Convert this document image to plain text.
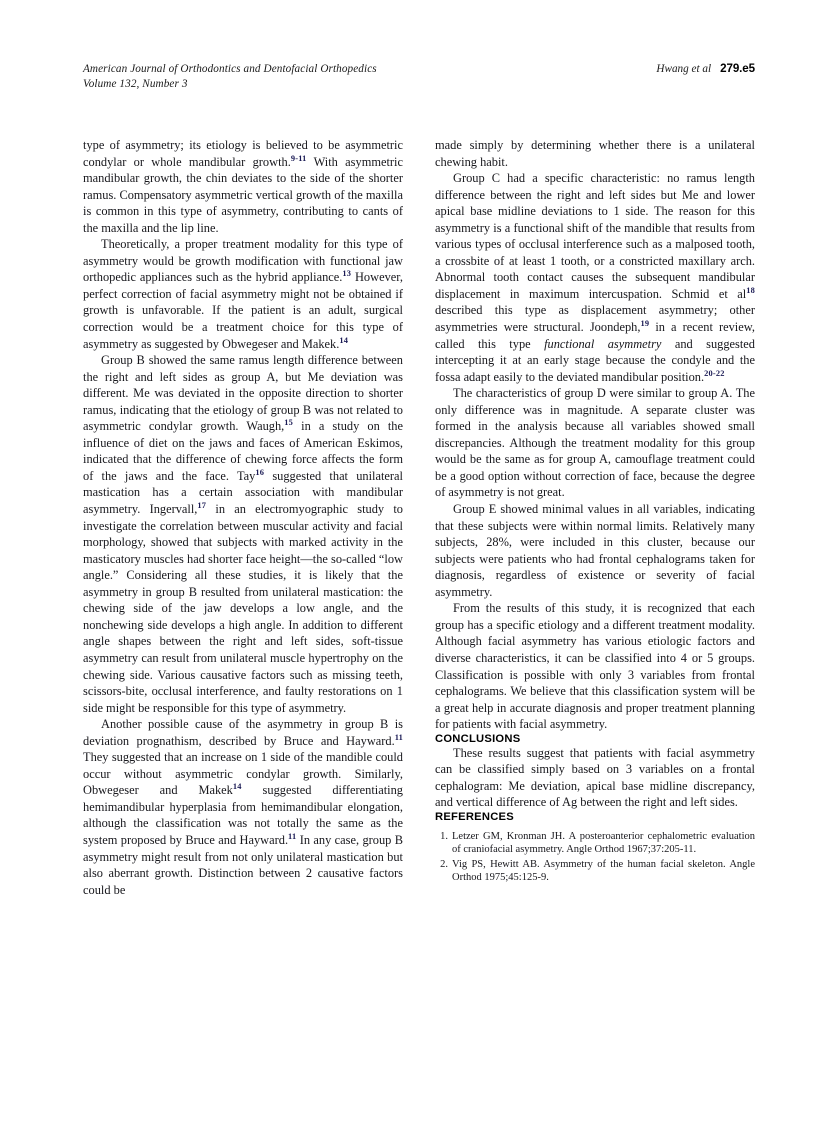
American Journal of Orthodontics and Dentofacial Orthopedics
Volume 132, Number 3
Hwang et al 279.e5

type of asymmetry; its etiology is believed to be asymmetric condylar or whole mandibular growth.$^{9-11}$ With asymmetric mandibular growth, the chin deviates to the side of the shorter ramus. Compensatory asymmetric vertical growth of the maxilla is common in this type of asymmetry, contributing to cants of the maxilla and the lip line.

Theoretically, a proper treatment modality for this type of asymmetry would be growth modification with functional jaw orthopedic appliances such as the hybrid appliance.$^{13}$ However, perfect correction of facial asymmetry might not be obtained if growth is unfavorable. If the patient is an adult, surgical correction would be a treatment choice for this type of asymmetry as suggested by Obwegeser and Makek.$^{14}$

Group B showed the same ramus length difference between the right and left sides as group A, but Me deviation was different. Me was deviated in the opposite direction to shorter ramus, indicating that the etiology of group B was not related to asymmetric condylar growth. Waugh,$^{15}$ in a study on the influence of diet on the jaws and faces of American Eskimos, indicated that the difference of chewing force affects the form of the jaws and the face. Tay$^{16}$ suggested that unilateral mastication has a certain association with mandibular asymmetry. Ingervall,$^{17}$ in an electromyographic study to investigate the correlation between muscular activity and facial morphology, showed that subjects with marked activity in the masticatory muscles had shorter face height—the so-called “low angle.” Considering all these studies, it is likely that the asymmetry in group B resulted from unilateral mastication: the chewing side of the jaw develops a low angle, and the nonchewing side develops a high angle. In addition to different angle shapes between the right and left sides, soft-tissue asymmetry can result from unilateral muscle hypertrophy on the chewing side. Various causative factors such as missing teeth, scissors-bite, occlusal interference, and faulty restorations on 1 side might be responsible for this type of asymmetry.

Another possible cause of the asymmetry in group B is deviation prognathism, described by Bruce and Hayward.$^{11}$ They suggested that an increase on 1 side of the mandible could occur without asymmetric condylar growth. Similarly, Obwegeser and Makek$^{14}$ suggested differentiating hemimandibular hyperplasia from hemimandibular elongation, although the classification was not totally the same as the system proposed by Bruce and Hayward.$^{11}$ In any case, group B asymmetry might result from not only unilateral mastication but also aberrant growth. Distinction between 2 causative factors could be

made simply by determining whether there is a unilateral chewing habit.

Group C had a specific characteristic: no ramus length difference between the right and left sides but Me and lower apical base midline deviations to 1 side. The reason for this asymmetry is a functional shift of the mandible that results from various types of occlusal interference such as a malposed tooth, a crossbite of at least 1 tooth, or a constricted maxillary arch. Abnormal tooth contact causes the subsequent mandibular displacement in maximum intercuspation. Schmid et al$^{18}$ described this type as displacement asymmetry; other asymmetries were structural. Joondeph,$^{19}$ in a recent review, called this type functional asymmetry and suggested intercepting it at an early stage because the condyle and the fossa adapt easily to the deviated mandibular position.$^{20-22}$

The characteristics of group D were similar to group A. The only difference was in magnitude. A separate cluster was formed in the analysis because all variables showed small discrepancies. Although the treatment modality for this group would be the same as for group A, camouflage treatment could be a good option without correction of face, because the degree of asymmetry is not great.

Group E showed minimal values in all variables, indicating that these subjects were within normal limits. Relatively many subjects, 28%, were included in this cluster, because our subjects were patients who had frontal cephalograms taken for diagnosis, regardless of existence or severity of facial asymmetry.

From the results of this study, it is recognized that each group has a specific etiology and a different treatment modality. Although facial asymmetry has various etiologic factors and diverse characteristics, it can be classified into 4 or 5 groups. Classification is possible with only 3 variables from frontal cephalograms. We believe that this classification system will be a great help in accurate diagnosis and proper treatment planning for patients with facial asymmetry.

CONCLUSIONS

These results suggest that patients with facial asymmetry can be classified simply based on 3 variables on a frontal cephalogram: Me deviation, apical base midline discrepancy, and vertical difference of Ag between the right and left sides.

REFERENCES
1. Letzer GM, Kronman JH. A posteroanterior cephalometric evaluation of craniofacial asymmetry. Angle Orthod 1967;37:205-11.
2. Vig PS, Hewitt AB. Asymmetry of the human facial skeleton. Angle Orthod 1975;45:125-9.
